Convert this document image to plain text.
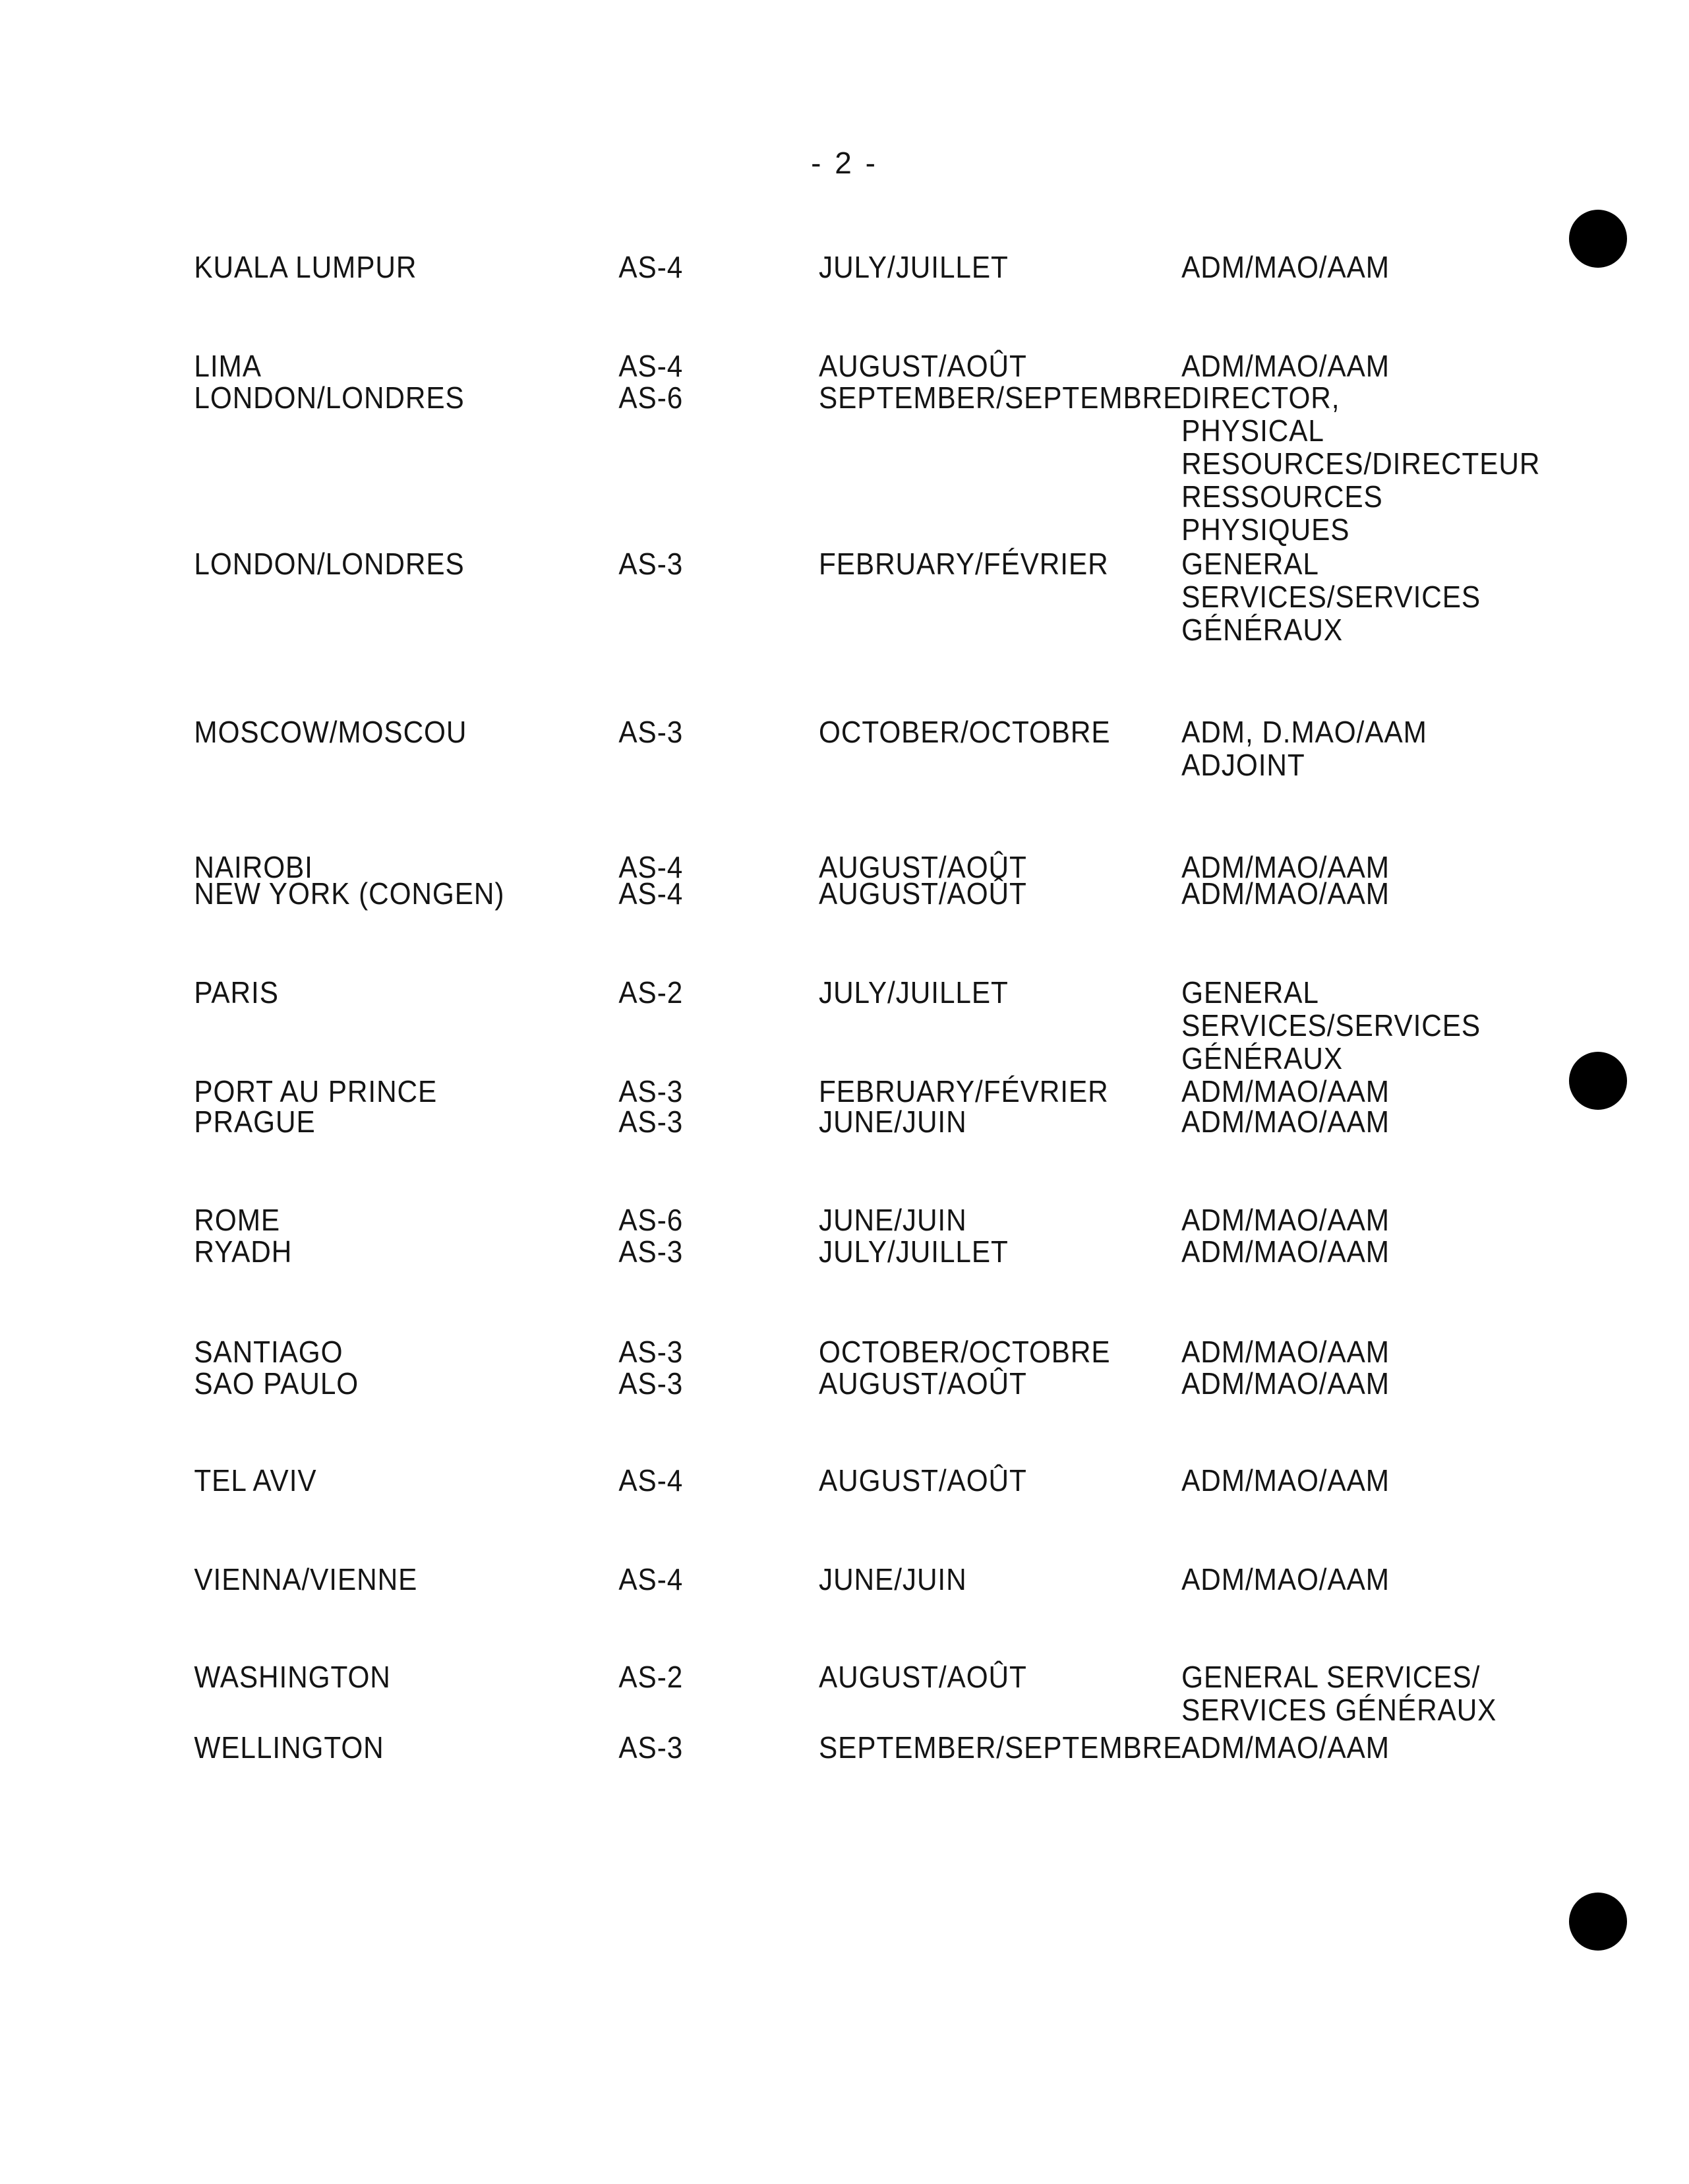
- 2 -
KUALA LUMPUR	AS-4	JULY/JUILLET	ADM/MAO/AAM
LIMA	AS-4	AUGUST/AOÛT	ADM/MAO/AAM
LONDON/LONDRES	AS-6	SEPTEMBER/SEPTEMBRE
DIRECTOR,
PHYSICAL
RESOURCES/DIRECTEUR
RESSOURCES
PHYSIQUES
LONDON/LONDRES	AS-3	FEBRUARY/FÉVRIER GENERAL
SERVICES/SERVICES
GÉNÉRAUX
MOSCOW/MOSCOU	AS-3	OCTOBER/OCTOBRE ADM, D.MAO/AAM
ADJOINT
NAIROBI	AS-4	AUGUST/AOÛT	ADM/MAO/AAM
NEW YORK (CONGEN)	AS-4	AUGUST/AOÛT	ADM/MAO/AAM
PARIS	AS-2	JULY/JUILLET	GENERAL
SERVICES/SERVICES
GÉNÉRAUX
PORT AU PRINCE	AS-3	FEBRUARY/FÉVRIER ADM/MAO/AAM
PRAGUE	AS-3	JUNE/JUIN	ADM/MAO/AAM
ROME	AS-6	JUNE/JUIN	ADM/MAO/AAM
RYADH	AS-3	JULY/JUILLET	ADM/MAO/AAM
SANTIAGO	AS-3	OCTOBER/OCTOBRE ADM/MAO/AAM
SAO PAULO	AS-3	AUGUST/AOÛT	ADM/MAO/AAM
TEL AVIV	AS-4	AUGUST/AOÛT	ADM/MAO/AAM
VIENNA/VIENNE	AS-4	JUNE/JUIN	ADM/MAO/AAM
WASHINGTON	AS-2	AUGUST/AOÛT	GENERAL SERVICES/
SERVICES GÉNÉRAUX
WELLINGTON	AS-3	SEPTEMBER/SEPTEMBRE
ADM/MAO/AAM
